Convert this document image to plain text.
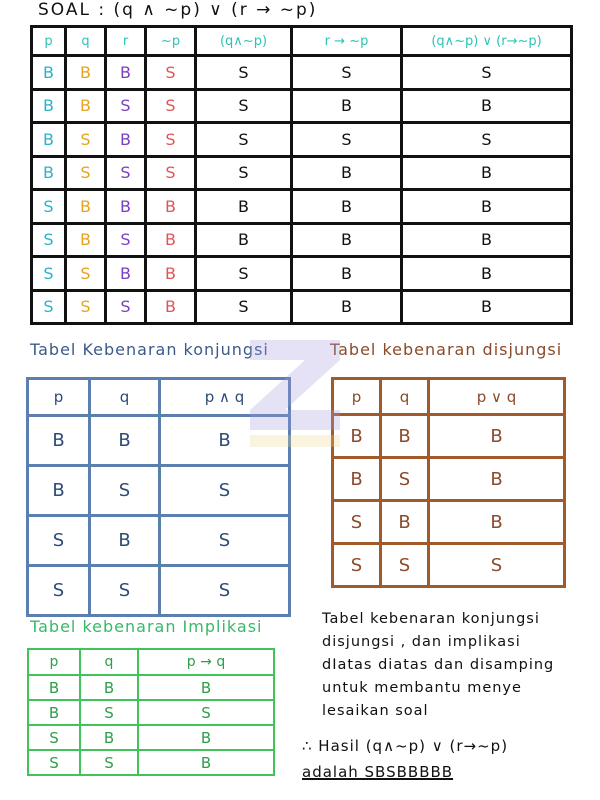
SOAL : (q ∧ ~p) ∨ (r → ~p)
p	q	r	~p	(q∧~p)	r → ~p	(q∧~p) ∨ (r→~p)
B	B	B	S	S	S	S
B	B	S	S	S	B	B
B	S	B	S	S	S	S
B	S	S	S	S	B	B
S	B	B	B	B	B	B
S	B	S	B	B	B	B
S	S	B	B	S	B	B
S	S	S	B	S	B	B
Tabel Kebenaran konjungsi	Tabel kebenaran disjungsi
p	q	p ∧ q
B	B	B
B	S	S
S	B	S
S	S	S
p	q	p ∨ q
B	B	B
B	S	B
S	B	B
S	S	S
Tabel kebenaran Implikasi
p	q	p → q
B	B	B
B	S	S
S	B	B
S	S	B

Tabel kebenaran konjungsi

disjungsi , dan implikasi

dIatas diatas dan disamping

untuk membantu menye

lesaikan soal

∴ Hasil (q∧~p) ∨ (r→~p)

adalah SBSBBBBB
